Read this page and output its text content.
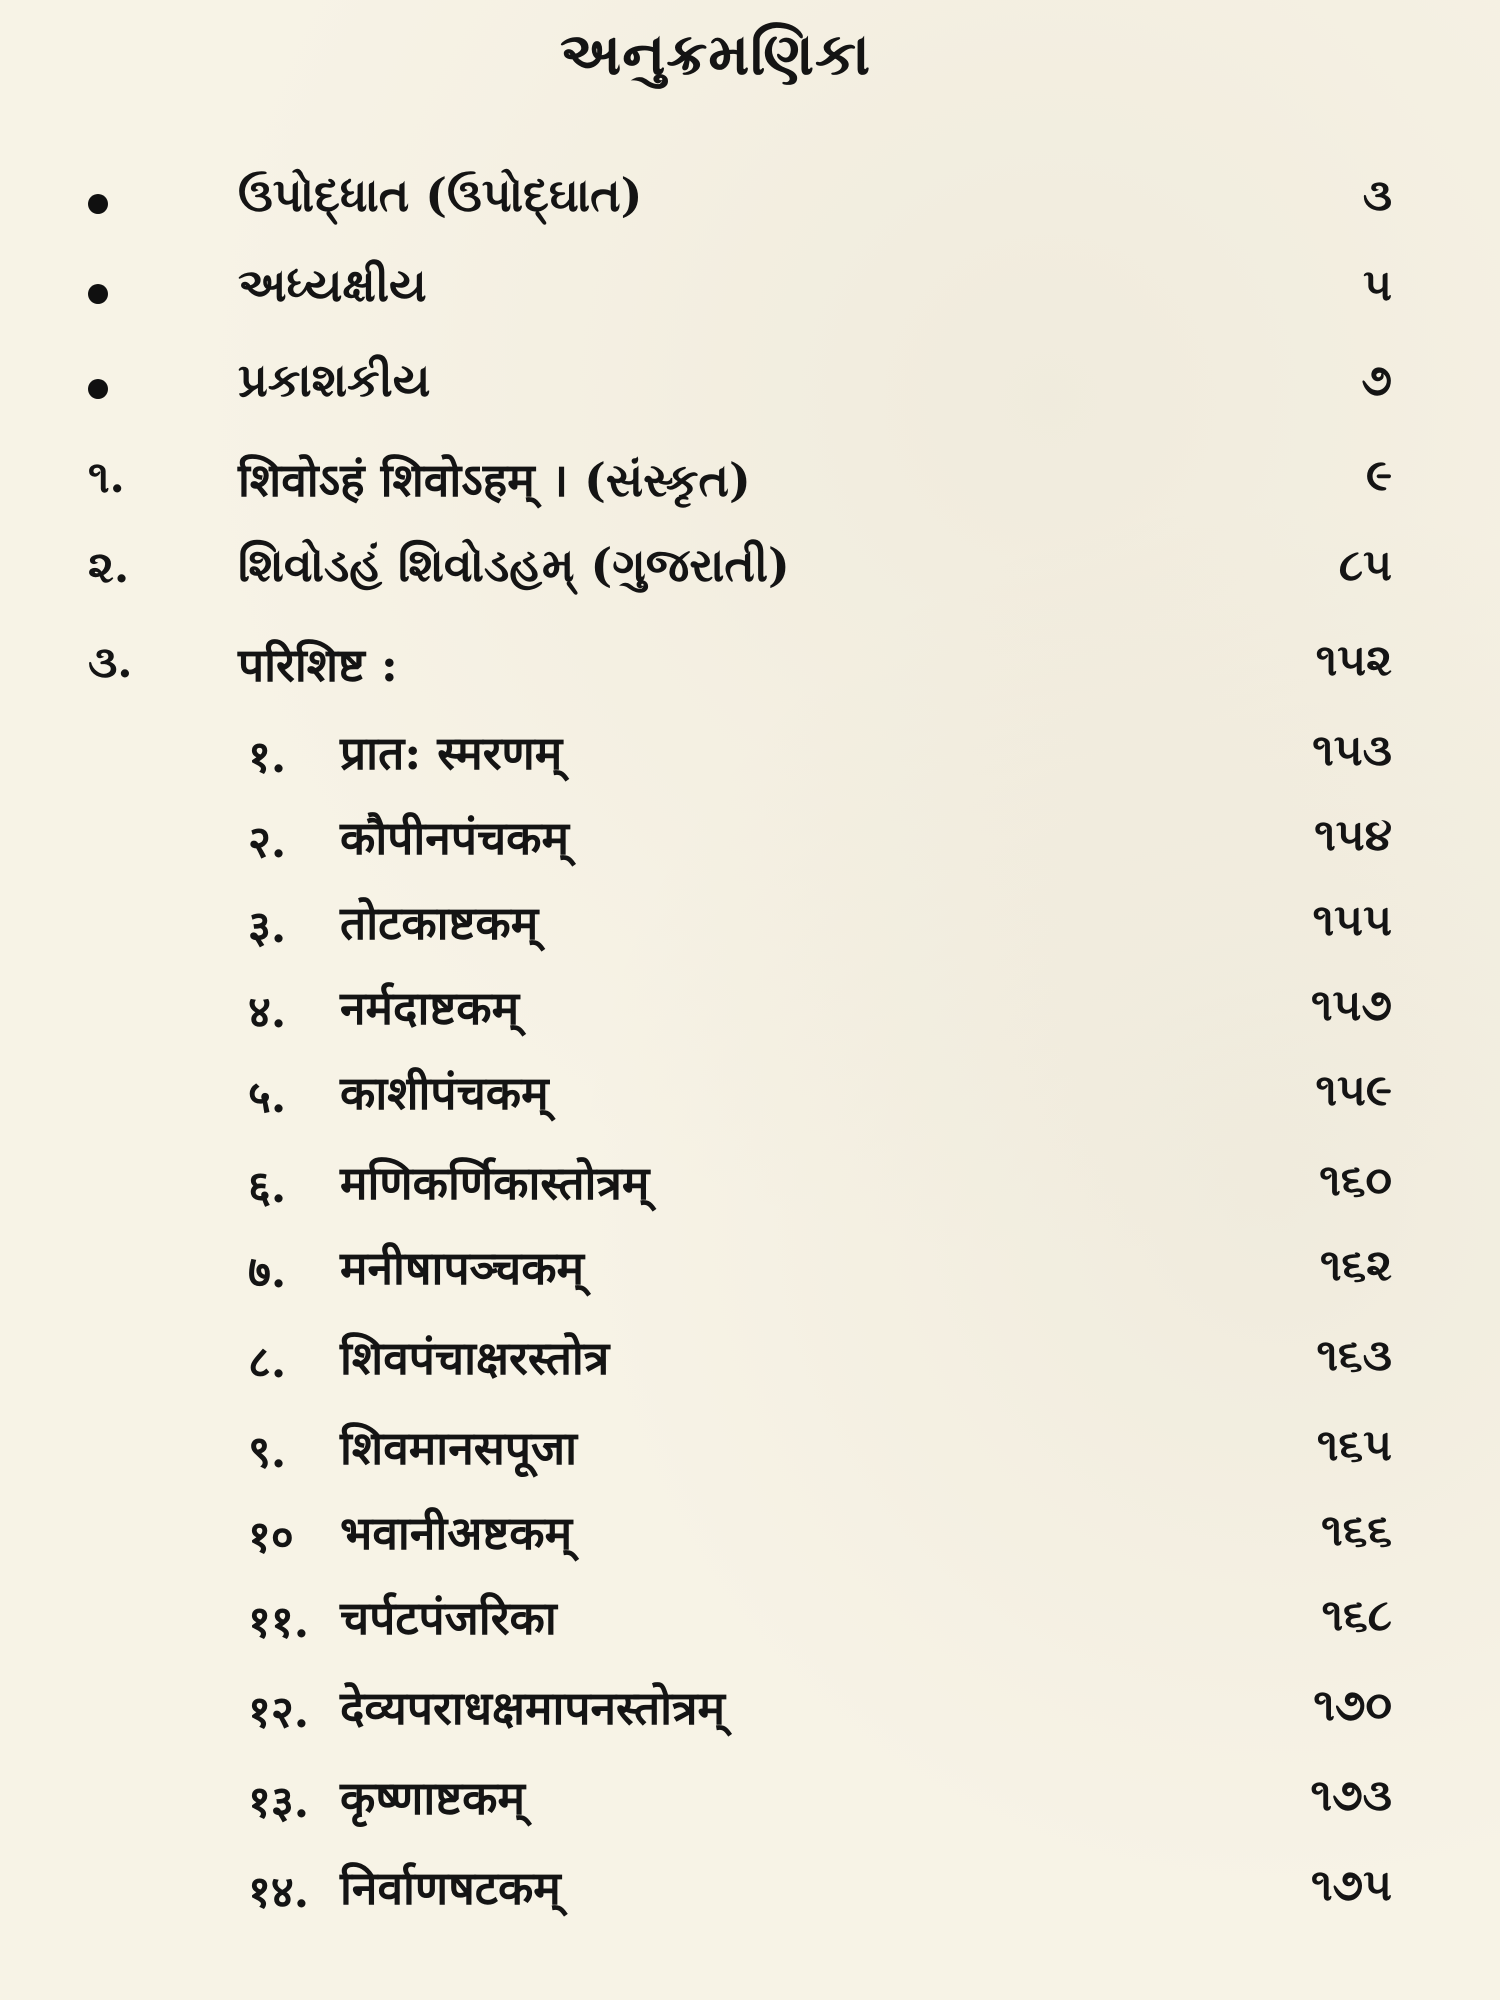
અનુક્રમણિકા
ઉપોદ્ધાત (ઉપોદ્‌ઘાત)	૩
અધ્યક્ષીય	૫
પ્રકાશકીય	૭
૧. शिवोऽहं शिवोऽहम् । (સંસ્કૃત)	૯
૨. શિવોડહં શિવોડહમ્ (ગુજરાતી)	૮૫
૩. परिशिष्ट :	૧૫૨
१. प्रात: स्मरणम्	૧૫૩
२. कौपीनपंचकम्	૧૫૪
३. तोटकाष्टकम्	૧૫૫
४. नर्मदाष्टकम्	૧૫૭
५. काशीपंचकम्	૧૫૯
६. मणिकर्णिकास्तोत्रम्	૧૬૦
७. मनीषापञ्चकम्	૧૬૨
८. शिवपंचाक्षरस्तोत्र	૧૬૩
९. शिवमानसपूजा	૧૬૫
१० भवानीअष्टकम्	૧૬૬
११. चर्पटपंजरिका	૧૬૮
१२. देव्यपराधक्षमापनस्तोत्रम्	૧૭૦
१३. कृष्णाष्टकम्	૧૭૩
१४. निर्वाणषटकम्	૧૭૫
